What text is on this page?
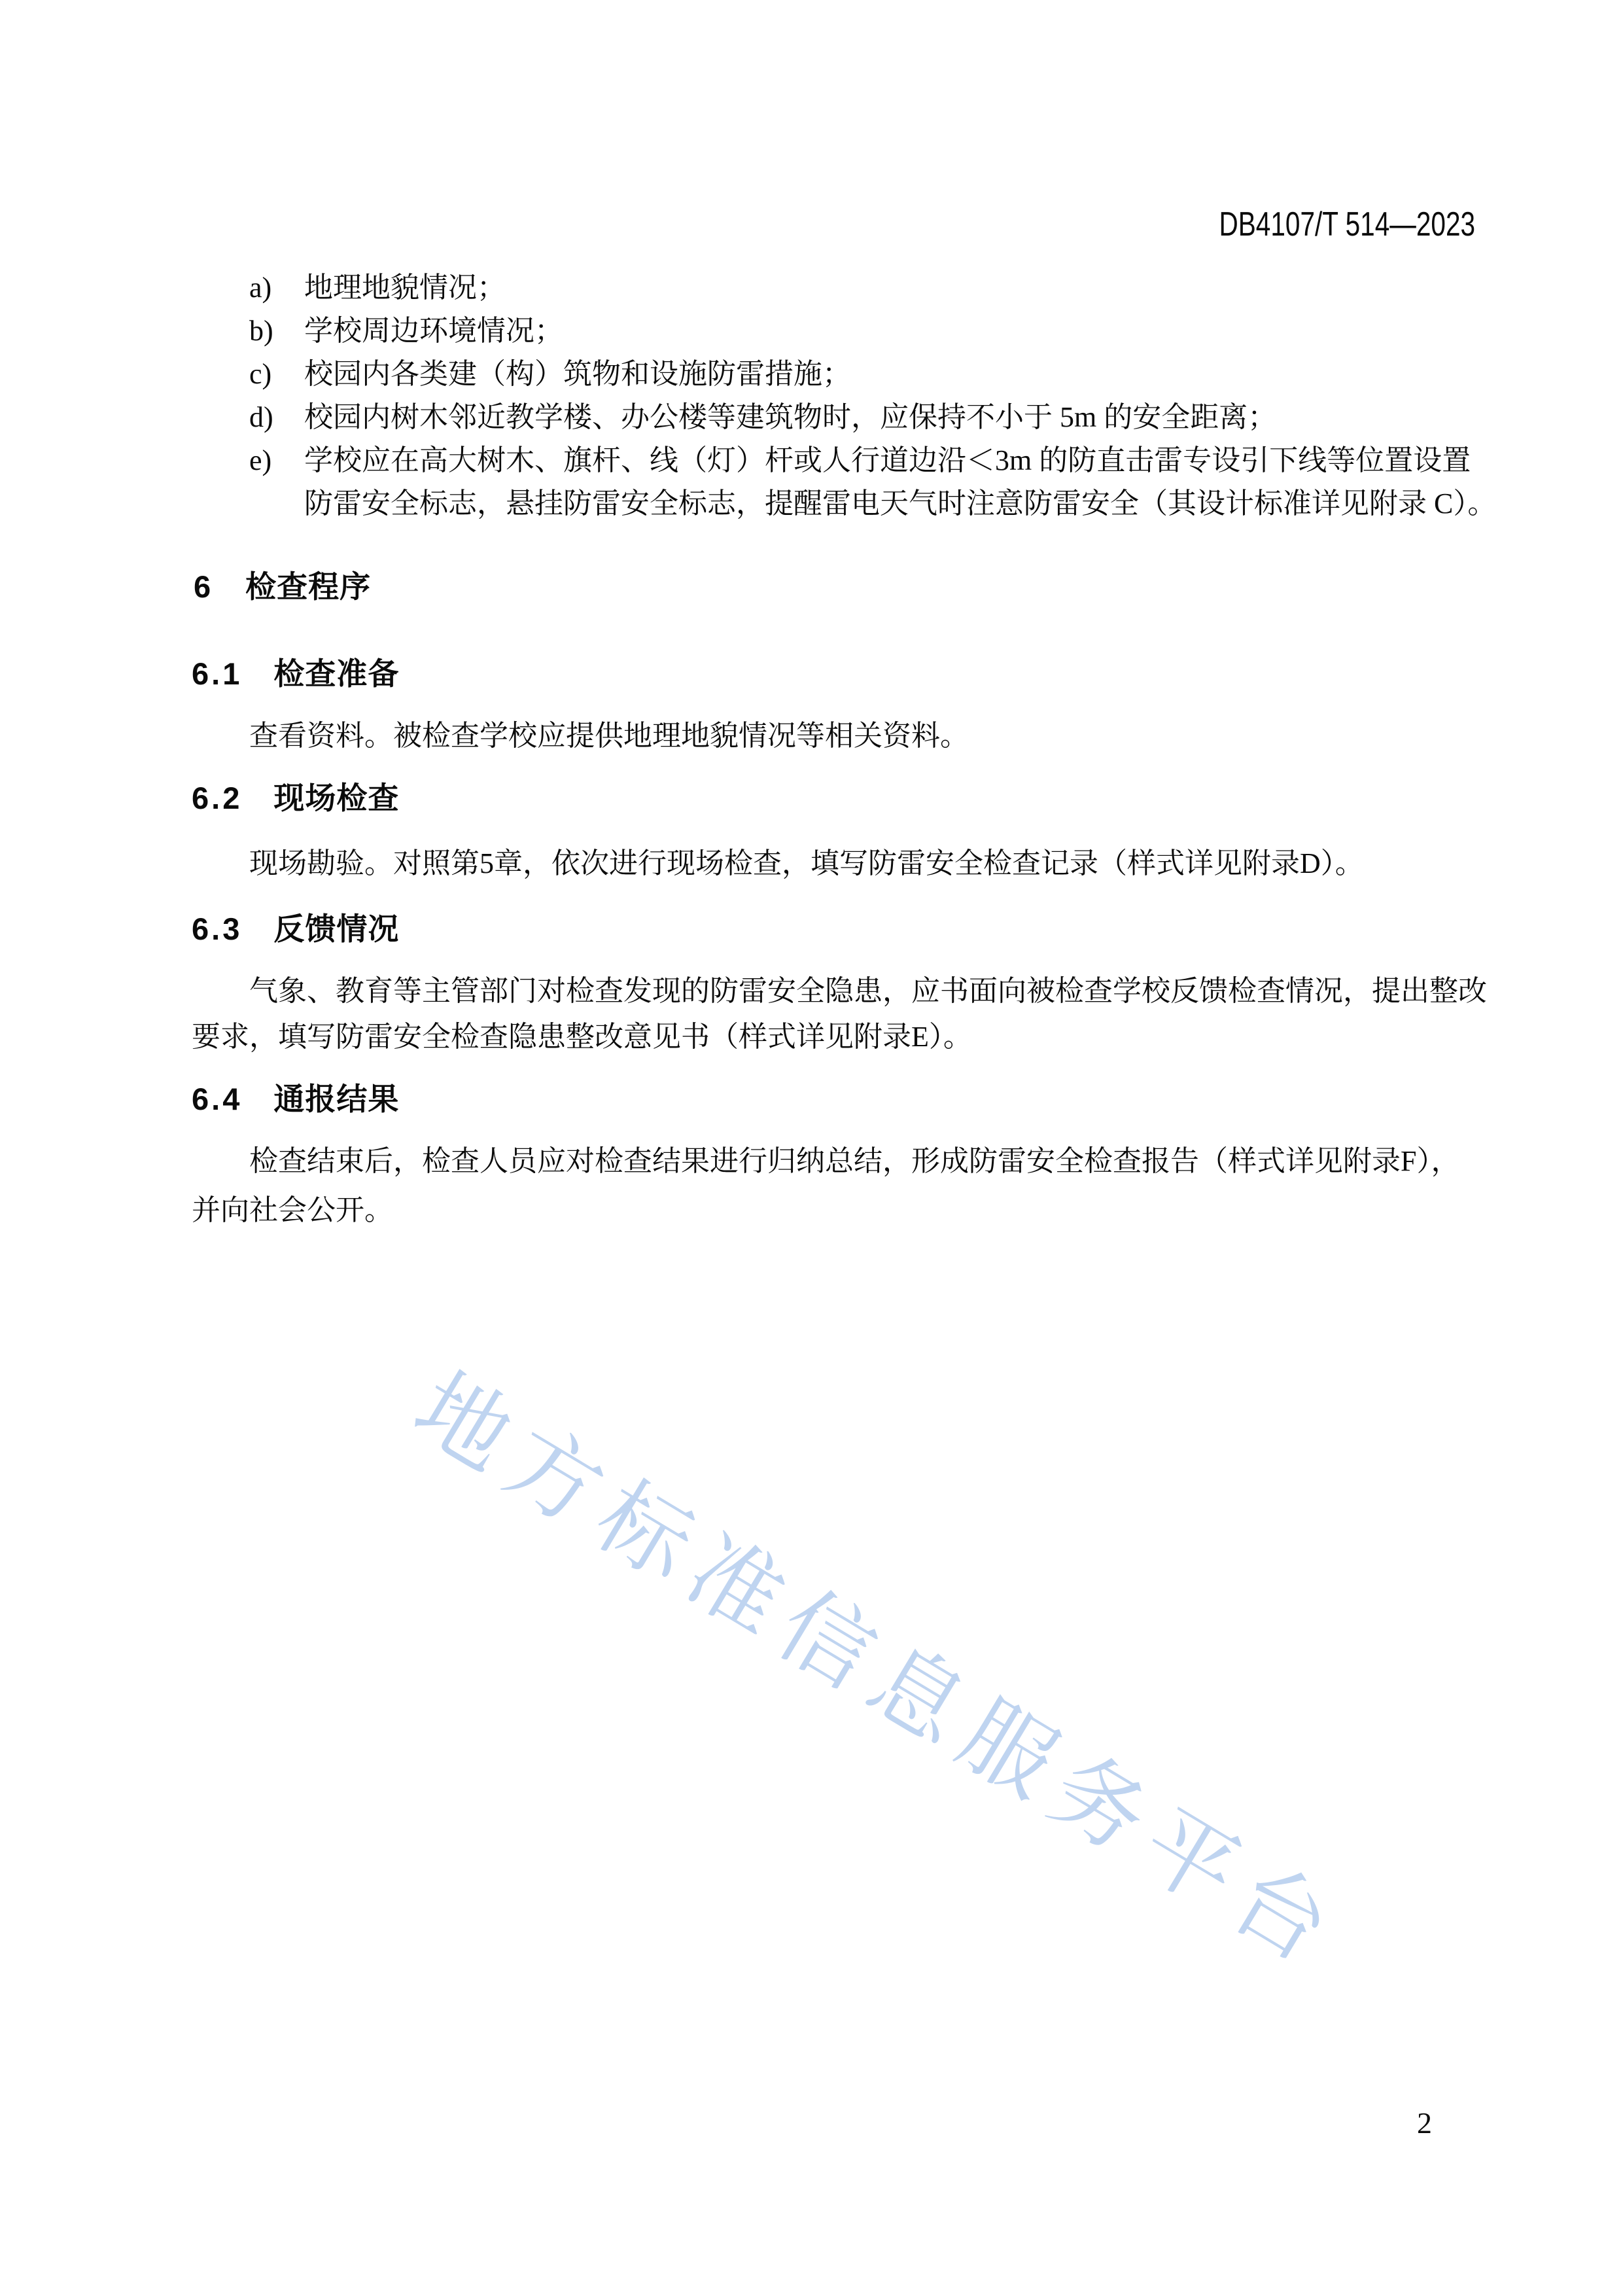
DB4107/T 514—2023
a) 地理地貌情况；
b) 学校周边环境情况；
c) 校园内各类建（构）筑物和设施防雷措施；
d) 校园内树木邻近教学楼、办公楼等建筑物时，应保持不小于 5m 的安全距离；
e) 学校应在高大树木、旗杆、线（灯）杆或人行道边沿＜3m 的防直击雷专设引下线等位置设置
防雷安全标志，悬挂防雷安全标志，提醒雷电天气时注意防雷安全（其设计标准详见附录 C）。
6 检查程序
6.1 检查准备
查看资料。被检查学校应提供地理地貌情况等相关资料。
6.2 现场检查
现场勘验。对照第5章，依次进行现场检查，填写防雷安全检查记录（样式详见附录D）。
6.3 反馈情况
气象、教育等主管部门对检查发现的防雷安全隐患，应书面向被检查学校反馈检查情况，提出整改
要求，填写防雷安全检查隐患整改意见书（样式详见附录E）。
6.4 通报结果
检查结束后，检查人员应对检查结果进行归纳总结，形成防雷安全检查报告（样式详见附录F），
并向社会公开。
地方标准信息服务平台
2
